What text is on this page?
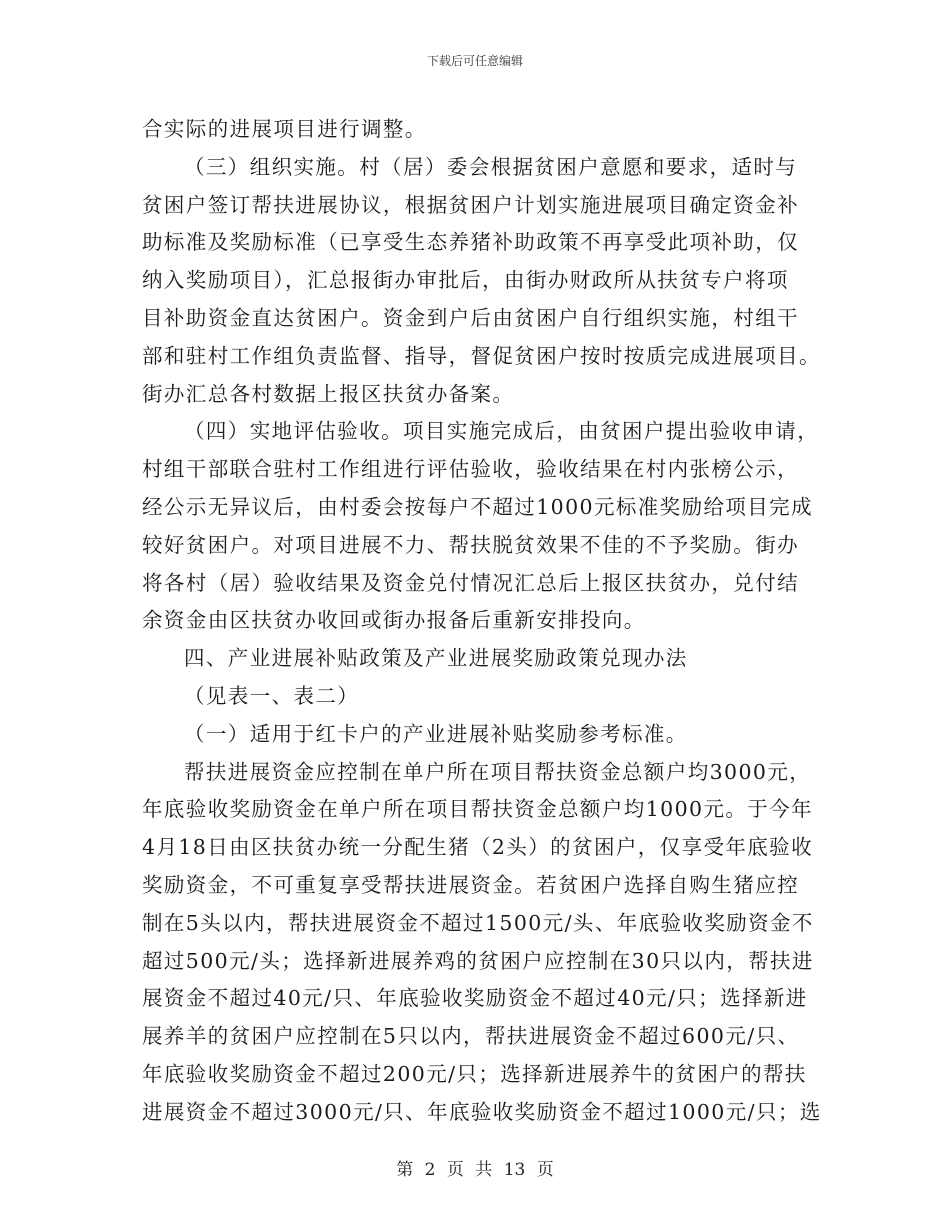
下载后可任意编辑
合实际的进展项目进行调整。
（三）组织实施。村（居）委会根据贫困户意愿和要求，适时与
贫困户签订帮扶进展协议，根据贫困户计划实施进展项目确定资金补
助标准及奖励标准（已享受生态养猪补助政策不再享受此项补助，仅
纳入奖励项目），汇总报街办审批后，由街办财政所从扶贫专户将项
目补助资金直达贫困户。资金到户后由贫困户自行组织实施，村组干
部和驻村工作组负责监督、指导，督促贫困户按时按质完成进展项目。
街办汇总各村数据上报区扶贫办备案。
（四）实地评估验收。项目实施完成后，由贫困户提出验收申请，
村组干部联合驻村工作组进行评估验收，验收结果在村内张榜公示，
经公示无异议后，由村委会按每户不超过1000元标准奖励给项目完成
较好贫困户。对项目进展不力、帮扶脱贫效果不佳的不予奖励。街办
将各村（居）验收结果及资金兑付情况汇总后上报区扶贫办，兑付结
余资金由区扶贫办收回或街办报备后重新安排投向。
四、产业进展补贴政策及产业进展奖励政策兑现办法
（见表一、表二）
（一）适用于红卡户的产业进展补贴奖励参考标准。
帮扶进展资金应控制在单户所在项目帮扶资金总额户均3000元，
年底验收奖励资金在单户所在项目帮扶资金总额户均1000元。于今年
4月18日由区扶贫办统一分配生猪（2头）的贫困户，仅享受年底验收
奖励资金，不可重复享受帮扶进展资金。若贫困户选择自购生猪应控
制在5头以内，帮扶进展资金不超过1500元/头、年底验收奖励资金不
超过500元/头；选择新进展养鸡的贫困户应控制在30只以内，帮扶进
展资金不超过40元/只、年底验收奖励资金不超过40元/只；选择新进
展养羊的贫困户应控制在5只以内，帮扶进展资金不超过600元/只、
年底验收奖励资金不超过200元/只；选择新进展养牛的贫困户的帮扶
进展资金不超过3000元/只、年底验收奖励资金不超过1000元/只；选
第 2 页 共 13 页
